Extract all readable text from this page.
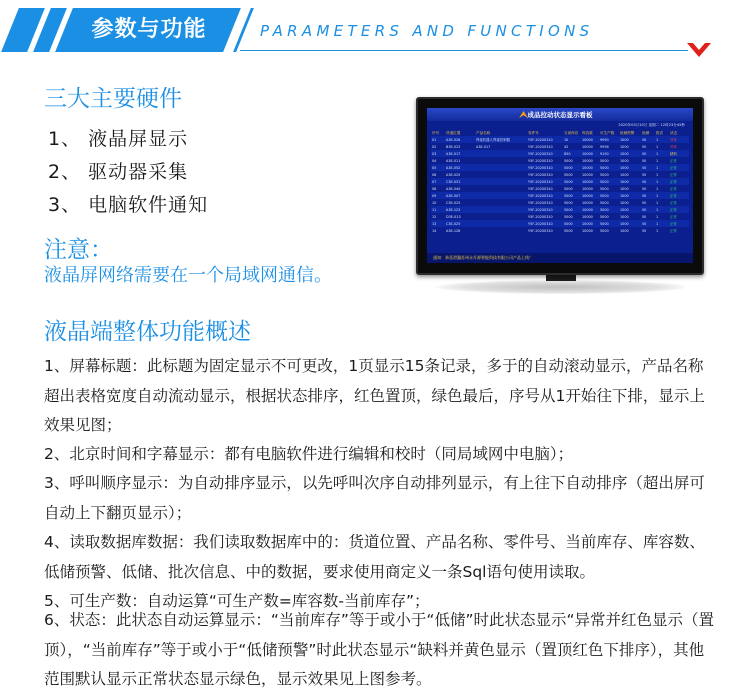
参数与功能	PARAMETERS AND FUNCTIONS
三大主要硬件
1、 液晶屏显示
2、 驱动器采集
3、 电脑软件通知
注意：
液晶屏网络需要在一个局域网通信。
成品拉动状态显示看板
2020年03月10日 星期二 12时23分45秒
序号	货道位置	产品名称	零件号	当前库存	库容数	可生产数	低储预警	低储	批次	状态
01	A3E-026	焊接机器人焊接控制器	Y5F-20200310	10	10000	9990	1000	50	1	异常
02	B3E-023	A3E-017	Y5F-20200310	42	10000	9958	1000	50	1	异常
03	A3E-017		Y5F-20200310	850	10000	9150	1000	50	1	缺料
04	A3E-011		Y5F-20200310	5000	10000	5000	1000	50	1	正常
05	A3E-052		Y5F-20200310	5000	10000	5000	1000	50	1	正常
06	A3E-025		Y5F-20200310	5000	10000	5000	1000	50	1	正常
07	C3E-031		Y5F-20200310	5000	10000	5000	1000	50	1	正常
08	A3E-044		Y5F-20200310	5000	10000	5000	1000	50	1	正常
09	A3E-007		Y5F-20200310	5000	10000	5000	1000	50	1	正常
10	C3E-025		Y5F-20200310	5000	10000	5000	1000	50	1	正常
11	A3E-123		Y5F-20200310	5000	10000	5000	1000	50	1	正常
12	D3E-013		Y5F-20200310	5000	10000	5000	1000	50	1	正常
13	C3E-025		Y5F-20200310	5000	10000	5000	1000	50	1	正常
14	A3E-128		Y5F-20200310	5000	10000	5000	1000	50	1	正常
通知：恭喜泄漏苏州永升源智能科技有限公司产品上线！
液晶端整体功能概述
1、屏幕标题：此标题为固定显示不可更改，1页显示15条记录，多于的自动滚动显示，产品名称超出表格宽度自动流动显示，根据状态排序，红色置顶，绿色最后，序号从1开始往下排，显示上效果见图；
2、北京时间和字幕显示：都有电脑软件进行编辑和校时（同局域网中电脑）；
3、呼叫顺序显示：为自动排序显示，以先呼叫次序自动排列显示，有上往下自动排序（超出屏可自动上下翻页显示）；
4、读取数据库数据：我们读取数据库中的：货道位置、产品名称、零件号、当前库存、库容数、低储预警、低储、批次信息、中的数据，要求使用商定义一条Sql语句使用读取。
5、可生产数：自动运算“可生产数=库容数-当前库存”；
6、状态：此状态自动运算显示：“当前库存”等于或小于“低储”时此状态显示“异常并红色显示（置顶），“当前库存”等于或小于“低储预警”时此状态显示“缺料并黄色显示（置顶红色下排序），其他范围默认显示正常状态显示绿色，显示效果见上图参考。
